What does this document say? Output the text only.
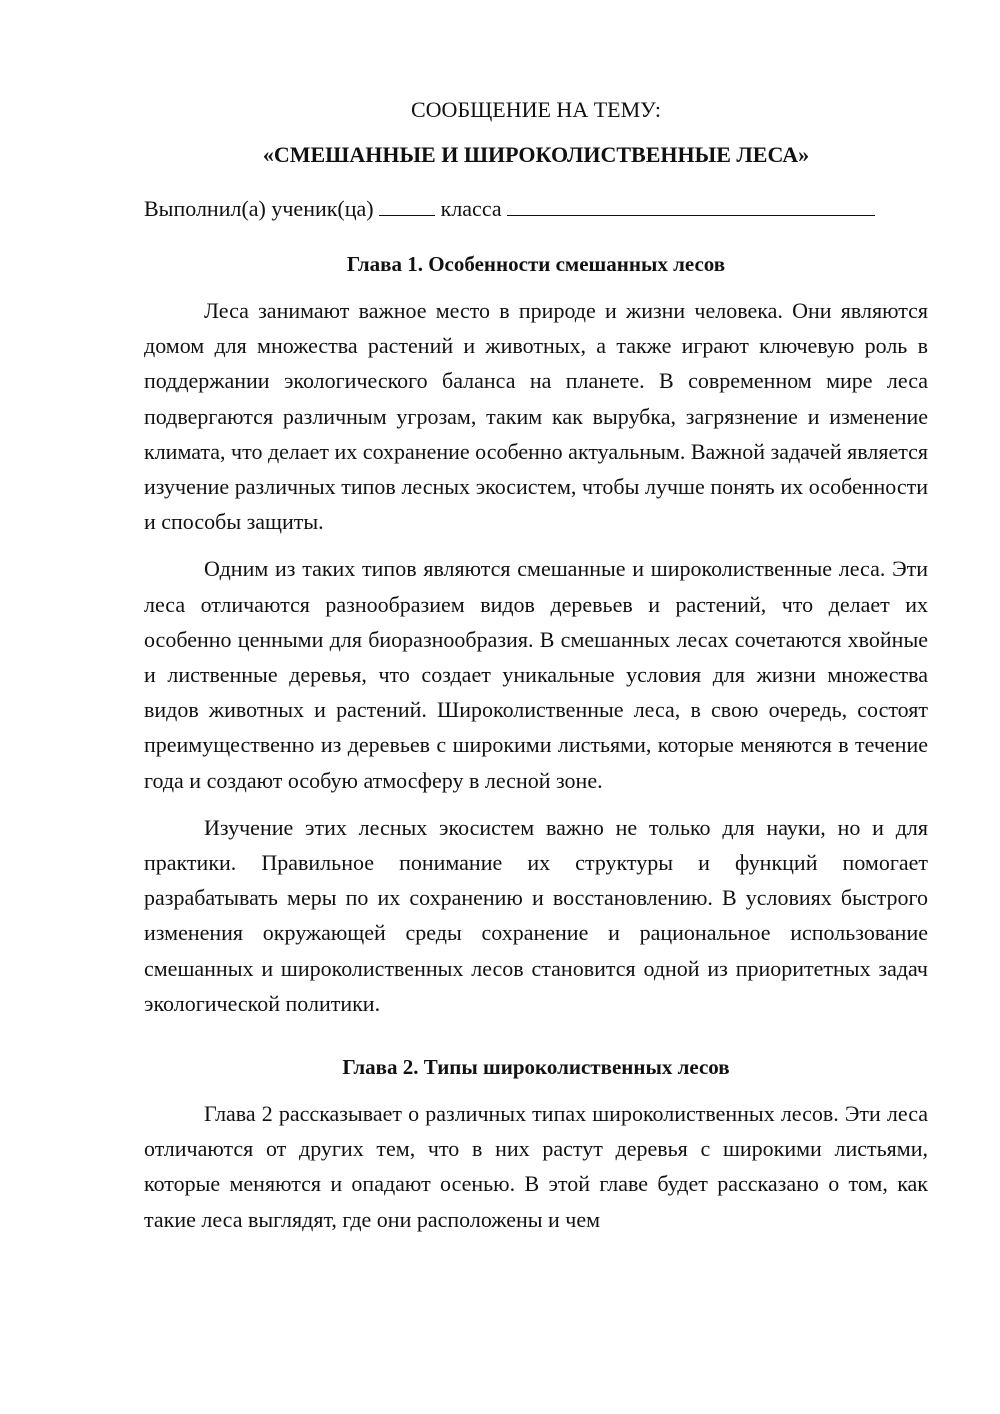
СООБЩЕНИЕ НА ТЕМУ:

«СМЕШАННЫЕ И ШИРОКОЛИСТВЕННЫЕ ЛЕСА»

Выполнил(а) ученик(ца)	класса

Глава 1. Особенности смешанных лесов

Леса занимают важное место в природе и жизни человека. Они являются домом для множества растений и животных, а также играют ключевую роль в поддержании экологического баланса на планете. В современном мире леса подвергаются различным угрозам, таким как вырубка, загрязнение и изменение климата, что делает их сохранение особенно актуальным. Важной задачей является изучение различных типов лесных экосистем, чтобы лучше понять их особенности и способы защиты.

Одним из таких типов являются смешанные и широколиственные леса. Эти леса отличаются разнообразием видов деревьев и растений, что делает их особенно ценными для биоразнообразия. В смешанных лесах сочетаются хвойные и лиственные деревья, что создает уникальные условия для жизни множества видов животных и растений. Широколиственные леса, в свою очередь, состоят преимущественно из деревьев с широкими листьями, которые меняются в течение года и создают особую атмосферу в лесной зоне.

Изучение этих лесных экосистем важно не только для науки, но и для практики. Правильное понимание их структуры и функций помогает разрабатывать меры по их сохранению и восстановлению. В условиях быстрого изменения окружающей среды сохранение и рациональное использование смешанных и широколиственных лесов становится одной из приоритетных задач экологической политики.

Глава 2. Типы широколиственных лесов

Глава 2 рассказывает о различных типах широколиственных лесов. Эти леса отличаются от других тем, что в них растут деревья с широкими листьями, которые меняются и опадают осенью. В этой главе будет рассказано о том, как такие леса выглядят, где они расположены и чем
